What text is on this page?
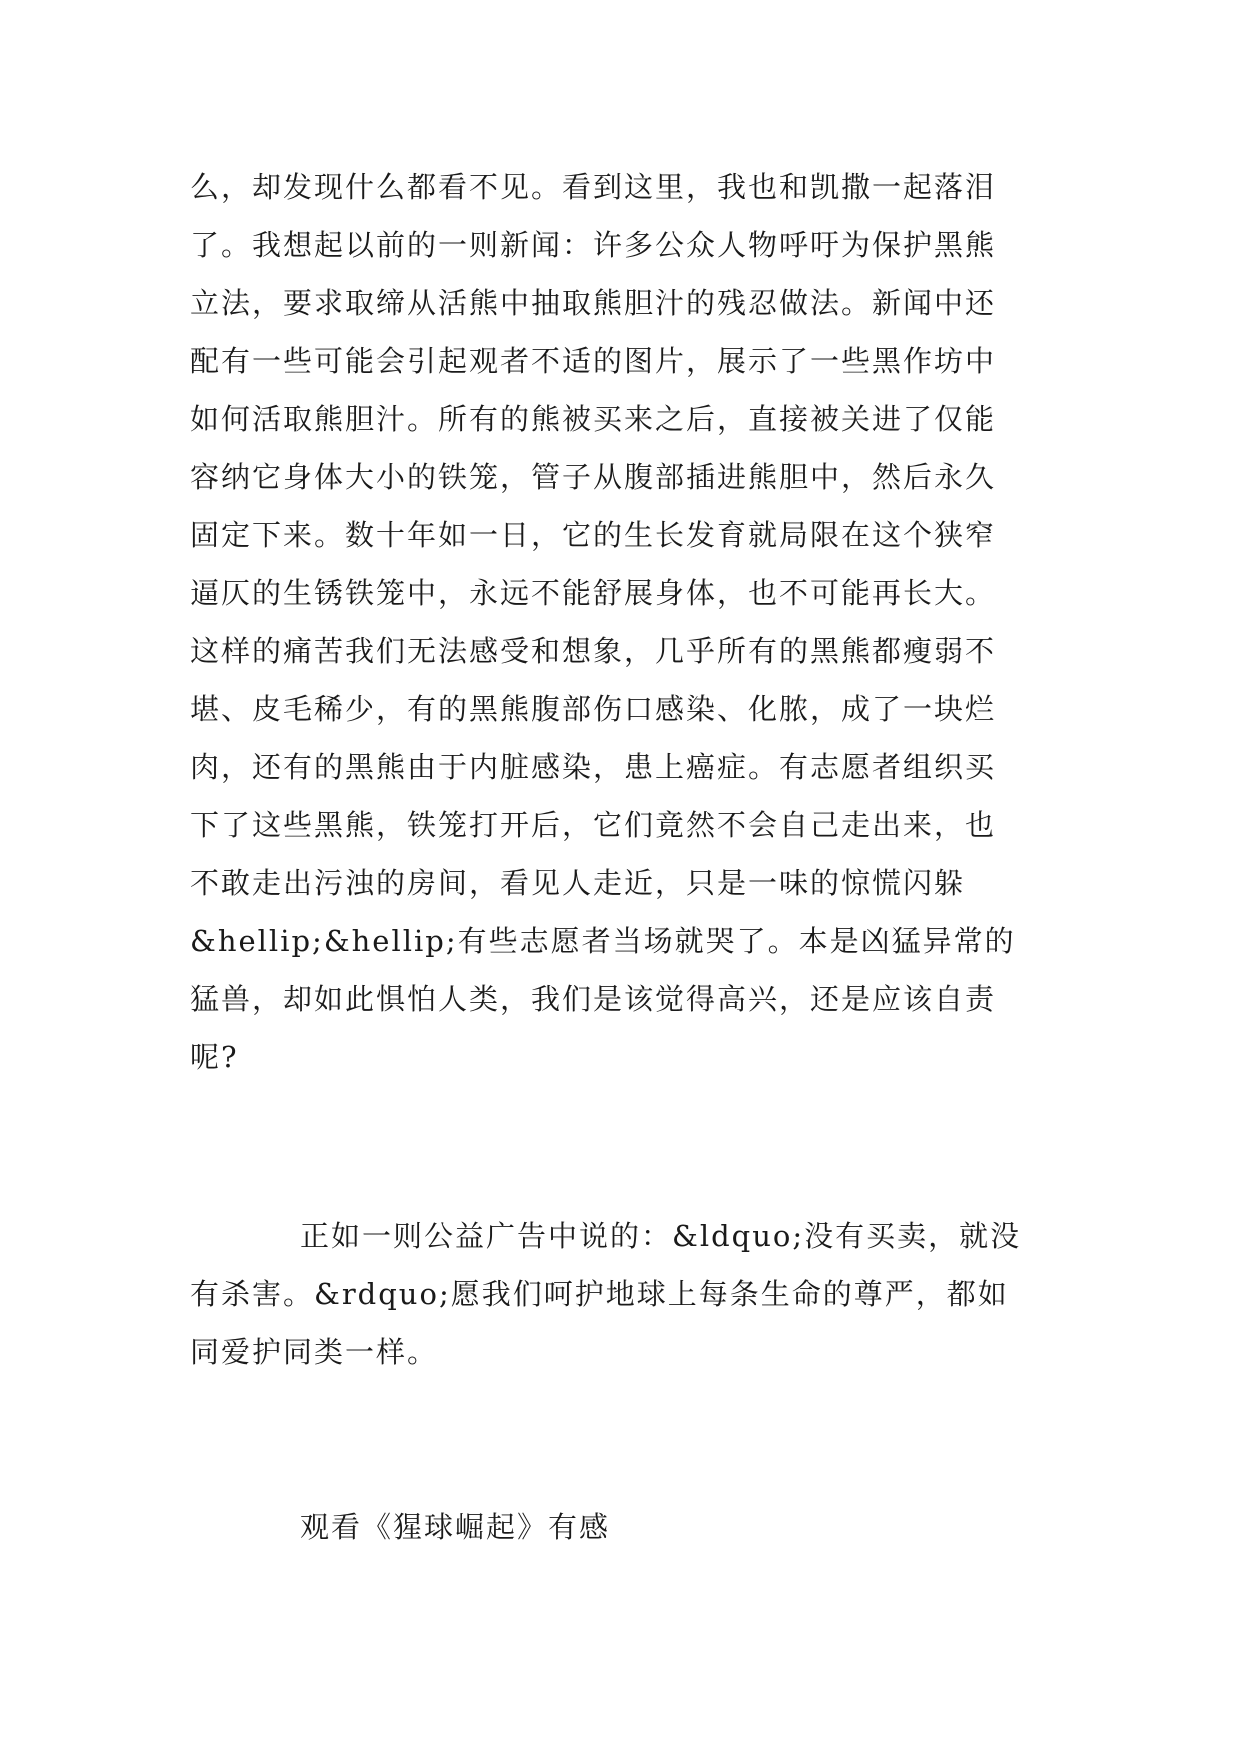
么，却发现什么都看不见。看到这里，我也和凯撒一起落泪
了。我想起以前的一则新闻：许多公众人物呼吁为保护黑熊
立法，要求取缔从活熊中抽取熊胆汁的残忍做法。新闻中还
配有一些可能会引起观者不适的图片，展示了一些黑作坊中
如何活取熊胆汁。所有的熊被买来之后，直接被关进了仅能
容纳它身体大小的铁笼，管子从腹部插进熊胆中，然后永久
固定下来。数十年如一日，它的生长发育就局限在这个狭窄
逼仄的生锈铁笼中，永远不能舒展身体，也不可能再长大。
这样的痛苦我们无法感受和想象，几乎所有的黑熊都瘦弱不
堪、皮毛稀少，有的黑熊腹部伤口感染、化脓，成了一块烂
肉，还有的黑熊由于内脏感染，患上癌症。有志愿者组织买
下了这些黑熊，铁笼打开后，它们竟然不会自己走出来，也
不敢走出污浊的房间，看见人走近，只是一味的惊慌闪躲
&hellip;&hellip;有些志愿者当场就哭了。本是凶猛异常的
猛兽，却如此惧怕人类，我们是该觉得高兴，还是应该自责
呢?
正如一则公益广告中说的：&ldquo;没有买卖，就没
有杀害。&rdquo;愿我们呵护地球上每条生命的尊严，都如
同爱护同类一样。
观看《猩球崛起》有感
